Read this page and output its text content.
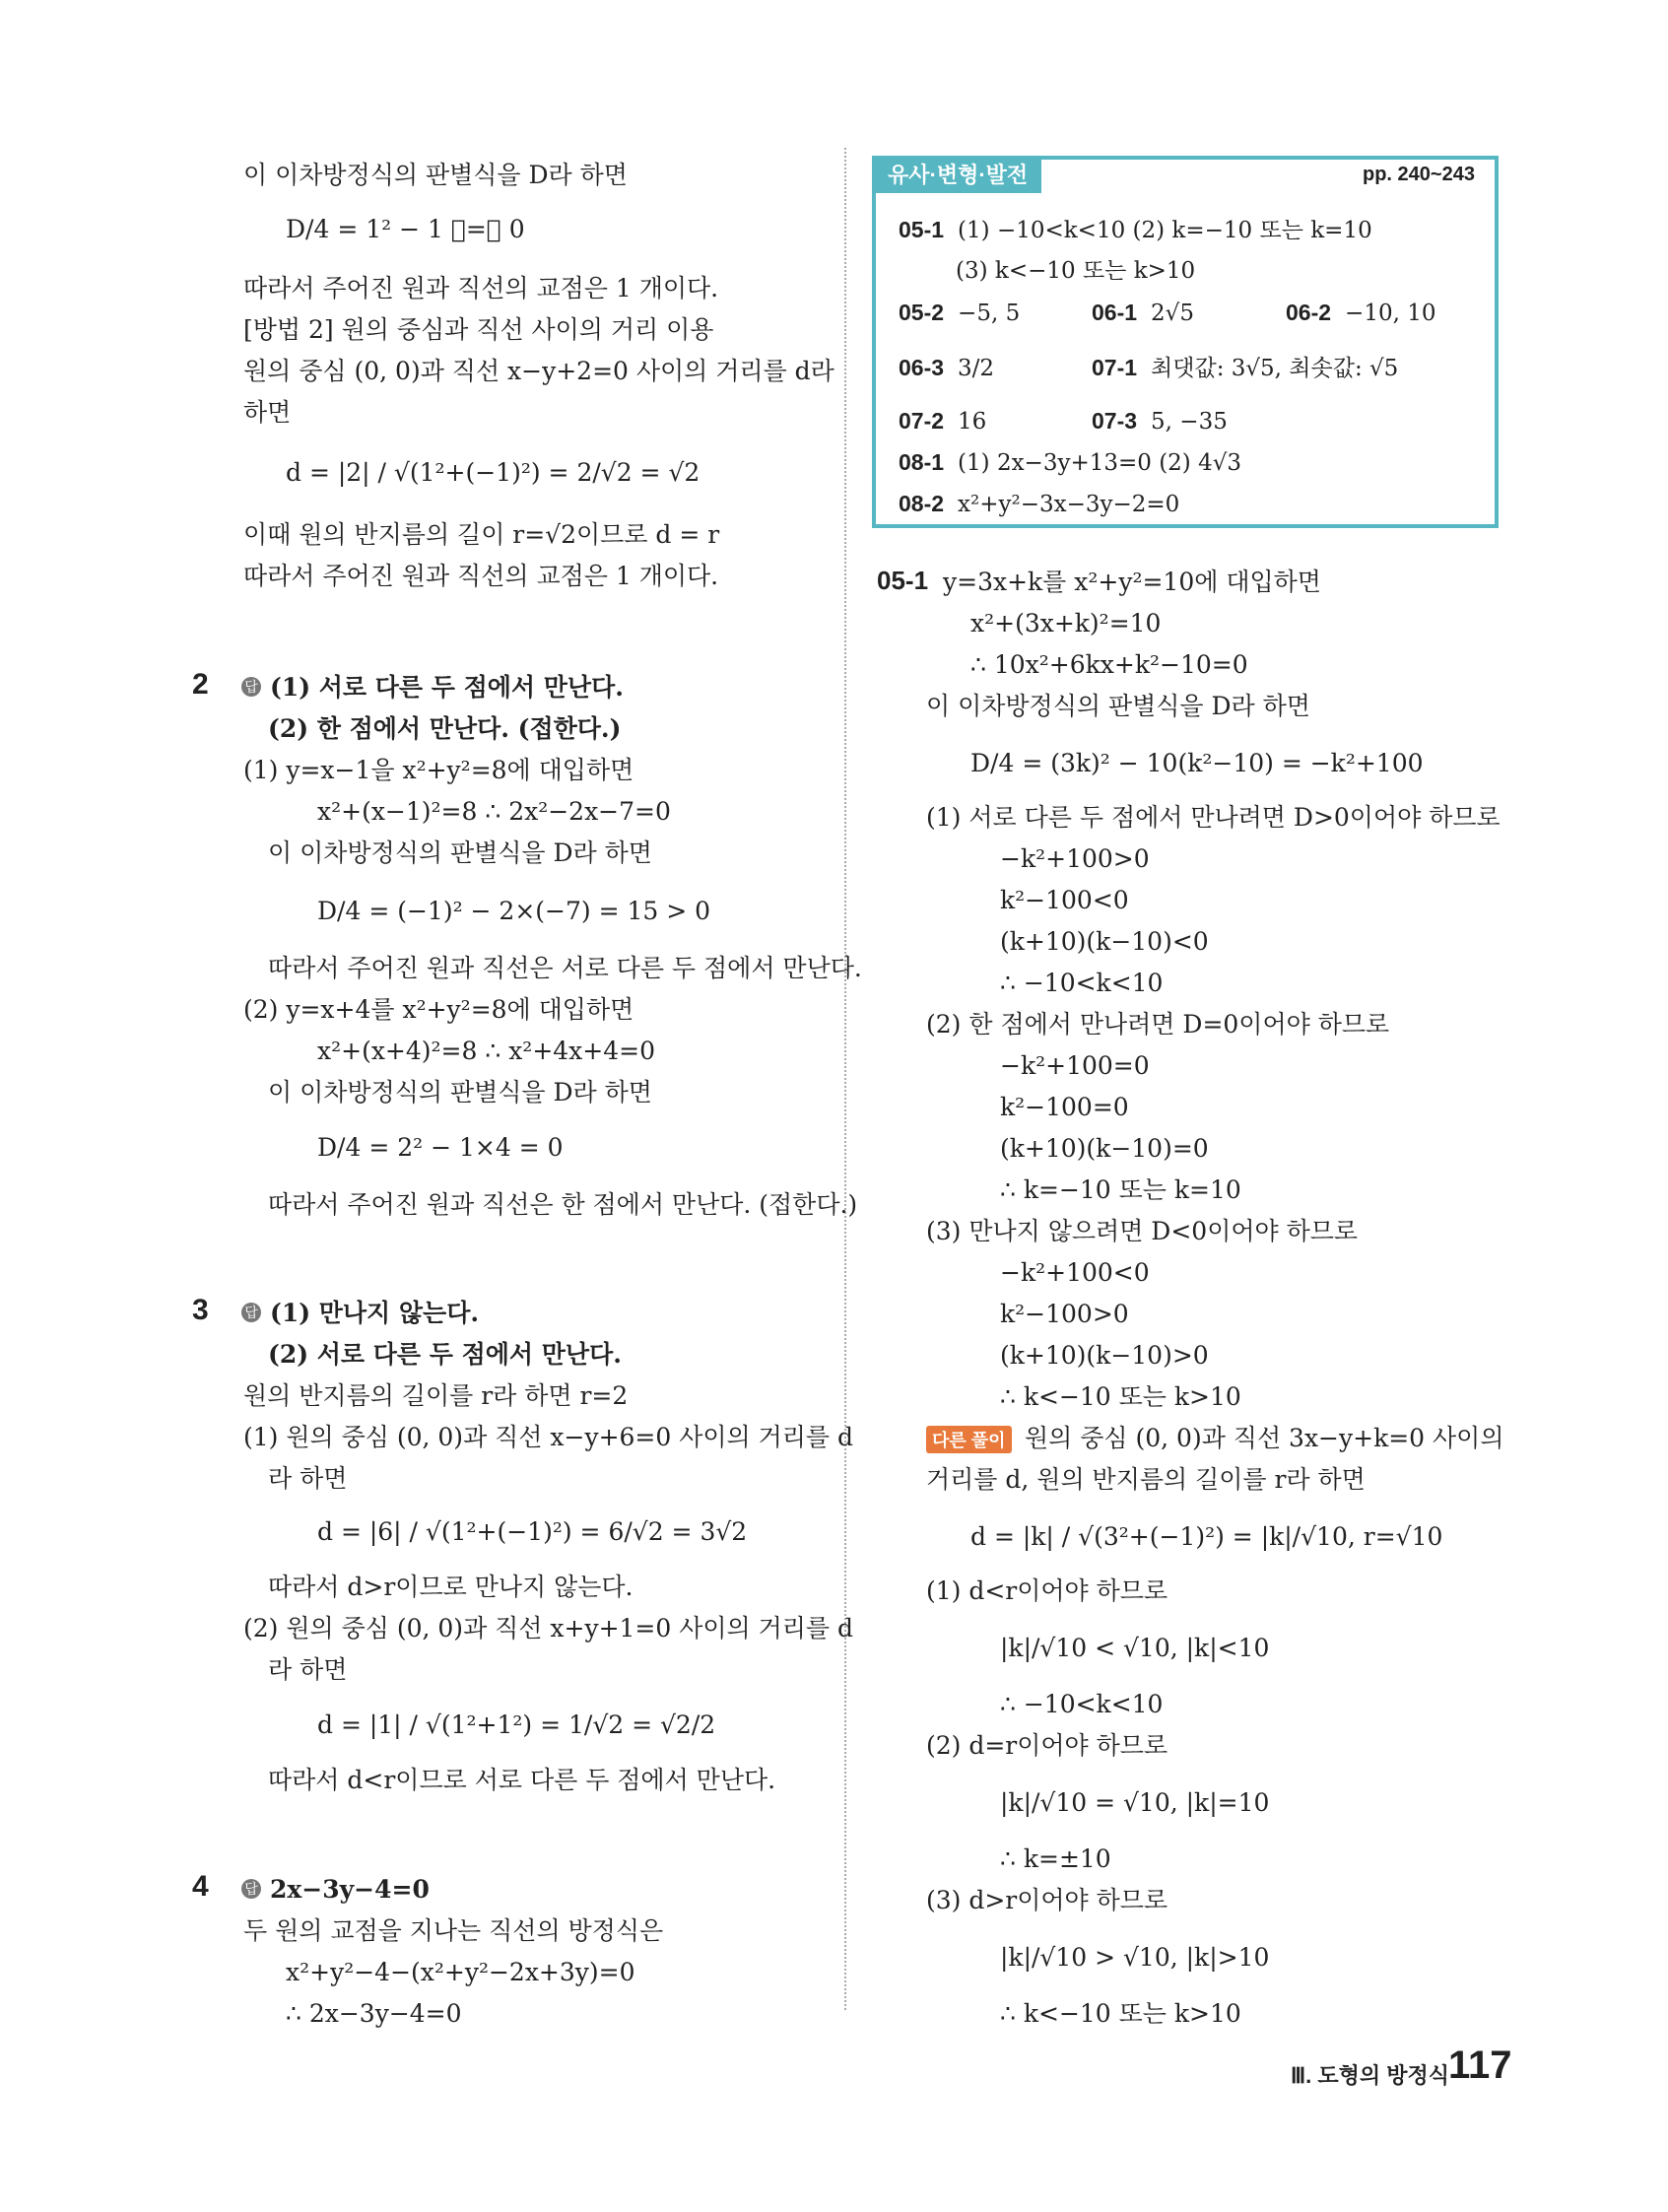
이 이차방정식의 판별식을 D라 하면
D/4 = 1² − 1 ⃞=⃞ 0
따라서 주어진 원과 직선의 교점은 1 개이다.
[방법 2] 원의 중심과 직선 사이의 거리 이용
원의 중심 (0, 0)과 직선 x−y+2=0 사이의 거리를 d라
하면
d = |2| / √(1²+(−1)²) = 2/√2 = √2
이때 원의 반지름의 길이 r=√2이므로 d = r
따라서 주어진 원과 직선의 교점은 1 개이다.
(1) 서로 다른 두 점에서 만난다.
(2) 한 점에서 만난다. (접한다.)
(1) y=x−1을 x²+y²=8에 대입하면
x²+(x−1)²=8 ∴ 2x²−2x−7=0
이 이차방정식의 판별식을 D라 하면
D/4 = (−1)² − 2×(−7) = 15 > 0
따라서 주어진 원과 직선은 서로 다른 두 점에서 만난다.
(2) y=x+4를 x²+y²=8에 대입하면
x²+(x+4)²=8 ∴ x²+4x+4=0
이 이차방정식의 판별식을 D라 하면
D/4 = 2² − 1×4 = 0
따라서 주어진 원과 직선은 한 점에서 만난다. (접한다.)
(1) 만나지 않는다.
(2) 서로 다른 두 점에서 만난다.
원의 반지름의 길이를 r라 하면 r=2
(1) 원의 중심 (0, 0)과 직선 x−y+6=0 사이의 거리를 d
라 하면
d = |6| / √(1²+(−1)²) = 6/√2 = 3√2
따라서 d>r이므로 만나지 않는다.
(2) 원의 중심 (0, 0)과 직선 x+y+1=0 사이의 거리를 d
라 하면
d = |1| / √(1²+1²) = 1/√2 = √2/2
따라서 d<r이므로 서로 다른 두 점에서 만난다.
2x−3y−4=0
두 원의 교점을 지나는 직선의 방정식은
x²+y²−4−(x²+y²−2x+3y)=0
∴ 2x−3y−4=0
2	답
3	답
4	답
유사·변형·발전	pp. 240~243
05-1 (1) −10<k<10 (2) k=−10 또는 k=10
(3) k<−10 또는 k>10
05-2 −5, 5	06-1 2√5	06-2 −10, 10
06-3 3/2	07-1 최댓값: 3√5, 최솟값: √5
07-2 16	07-3 5, −35
08-1 (1) 2x−3y+13=0 (2) 4√3
08-2 x²+y²−3x−3y−2=0
05-1 y=3x+k를 x²+y²=10에 대입하면
x²+(3x+k)²=10
∴ 10x²+6kx+k²−10=0
이 이차방정식의 판별식을 D라 하면
D/4 = (3k)² − 10(k²−10) = −k²+100
(1) 서로 다른 두 점에서 만나려면 D>0이어야 하므로
−k²+100>0
k²−100<0
(k+10)(k−10)<0
∴ −10<k<10
(2) 한 점에서 만나려면 D=0이어야 하므로
−k²+100=0
k²−100=0
(k+10)(k−10)=0
∴ k=−10 또는 k=10
(3) 만나지 않으려면 D<0이어야 하므로
−k²+100<0
k²−100>0
(k+10)(k−10)>0
∴ k<−10 또는 k>10
원의 중심 (0, 0)과 직선 3x−y+k=0 사이의
거리를 d, 원의 반지름의 길이를 r라 하면
d = |k| / √(3²+(−1)²) = |k|/√10, r=√10
(1) d<r이어야 하므로
|k|/√10 < √10, |k|<10
∴ −10<k<10
(2) d=r이어야 하므로
|k|/√10 = √10, |k|=10
∴ k=±10
(3) d>r이어야 하므로
|k|/√10 > √10, |k|>10
∴ k<−10 또는 k>10
다른 풀이
Ⅲ. 도형의 방정식
117
